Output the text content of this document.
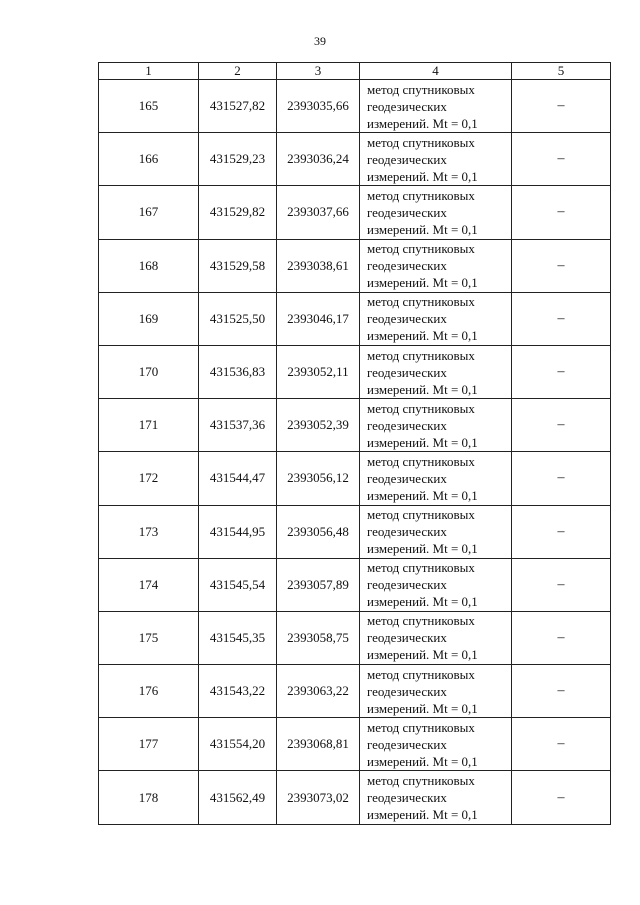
39
1	2	3	4	5
165	431527,82	2393035,66	метод спутниковых
геодезических
измерений. Mt = 0,1	–
166	431529,23	2393036,24	метод спутниковых
геодезических
измерений. Mt = 0,1	–
167	431529,82	2393037,66	метод спутниковых
геодезических
измерений. Mt = 0,1	–
168	431529,58	2393038,61	метод спутниковых
геодезических
измерений. Mt = 0,1	–
169	431525,50	2393046,17	метод спутниковых
геодезических
измерений. Mt = 0,1	–
170	431536,83	2393052,11	метод спутниковых
геодезических
измерений. Mt = 0,1	–
171	431537,36	2393052,39	метод спутниковых
геодезических
измерений. Mt = 0,1	–
172	431544,47	2393056,12	метод спутниковых
геодезических
измерений. Mt = 0,1	–
173	431544,95	2393056,48	метод спутниковых
геодезических
измерений. Mt = 0,1	–
174	431545,54	2393057,89	метод спутниковых
геодезических
измерений. Mt = 0,1	–
175	431545,35	2393058,75	метод спутниковых
геодезических
измерений. Mt = 0,1	–
176	431543,22	2393063,22	метод спутниковых
геодезических
измерений. Mt = 0,1	–
177	431554,20	2393068,81	метод спутниковых
геодезических
измерений. Mt = 0,1	–
178	431562,49	2393073,02	метод спутниковых
геодезических
измерений. Mt = 0,1	–
